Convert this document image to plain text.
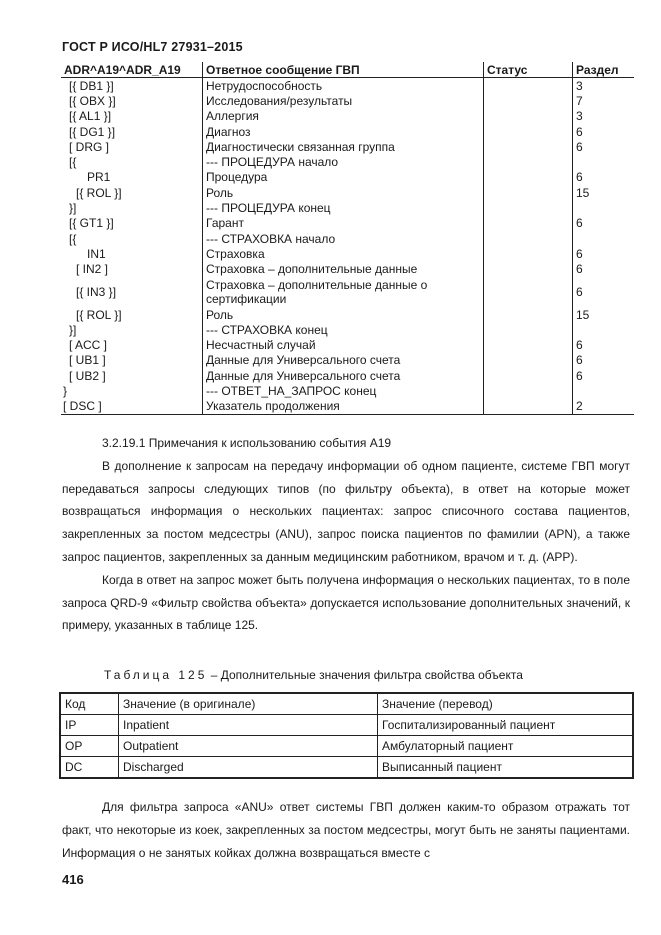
ГОСТ Р ИСО/HL7 27931–2015
ADR^A19^ADR_A19	Ответное сообщение ГВП	Статус	Раздел
[{ DB1 }]	Нетрудоспособность		3
[{ OBX }]	Исследования/результаты		7
[{ AL1 }]	Аллергия		3
[{ DG1 }]	Диагноз		6
[ DRG ]	Диагностически связанная группа		6
[{	--- ПРОЦЕДУРА начало		
PR1	Процедура		6
[{ ROL }]	Роль		15
}]	--- ПРОЦЕДУРА конец		
[{ GT1 }]	Гарант		6
[{	--- СТРАХОВКА начало		
IN1	Страховка		6
[ IN2 ]	Страховка – дополнительные данные		6
[{ IN3 }]	Страховка – дополнительные данные о сертификации		6
[{ ROL }]	Роль		15
}]	--- СТРАХОВКА конец		
[ ACC ]	Несчастный случай		6
[ UB1 ]	Данные для Универсального счета		6
[ UB2 ]	Данные для Универсального счета		6
}	--- ОТВЕТ_НА_ЗАПРОС конец		
[ DSC ]	Указатель продолжения		2
3.2.19.1 Примечания к использованию события A19

В дополнение к запросам на передачу информации об одном пациенте, системе ГВП могут передаваться запросы следующих типов (по фильтру объекта), в ответ на которые может возвращаться информация о нескольких пациентах: запрос списочного состава пациентов, закрепленных за постом медсестры (ANU), запрос поиска пациентов по фамилии (APN), а также запрос пациентов, закрепленных за данным медицинским работником, врачом и т. д. (APP).

Когда в ответ на запрос может быть получена информация о нескольких пациентах, то в поле запроса QRD-9 «Фильтр свойства объекта» допускается использование дополнительных значений, к примеру, указанных в таблице 125.

Таблица 125 – Дополнительные значения фильтра свойства объекта
Код	Значение (в оригинале)	Значение (перевод)
IP	Inpatient	Госпитализированный пациент
OP	Outpatient	Амбулаторный пациент
DC	Discharged	Выписанный пациент

Для фильтра запроса «ANU» ответ системы ГВП должен каким-то образом отражать тот факт, что некоторые из коек, закрепленных за постом медсестры, могут быть не заняты пациентами. Информация о не занятых койках должна возвращаться вместе с

416
